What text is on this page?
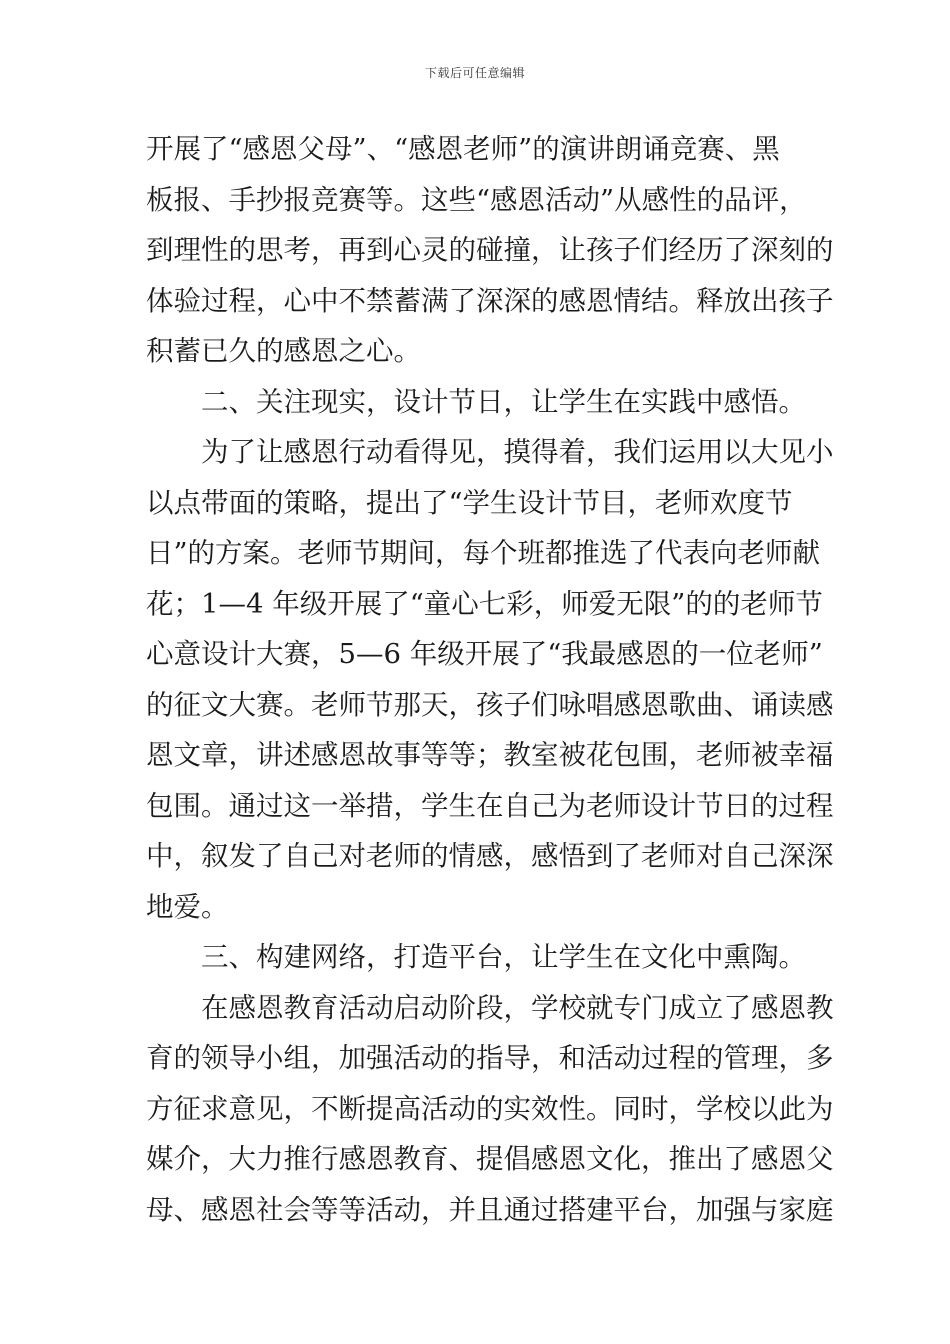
下载后可任意编辑
开展了“感恩父母”、“感恩老师”的演讲朗诵竞赛、黑
板报、手抄报竞赛等。这些“感恩活动”从感性的品评，
到理性的思考，再到心灵的碰撞，让孩子们经历了深刻的
体验过程，心中不禁蓄满了深深的感恩情结。释放出孩子
积蓄已久的感恩之心。
二、关注现实，设计节日，让学生在实践中感悟。
为了让感恩行动看得见，摸得着，我们运用以大见小
以点带面的策略，提出了“学生设计节目，老师欢度节
日”的方案。老师节期间，每个班都推选了代表向老师献
花；1—4 年级开展了“童心七彩，师爱无限”的的老师节
心意设计大赛，5—6 年级开展了“我最感恩的一位老师”
的征文大赛。老师节那天，孩子们咏唱感恩歌曲、诵读感
恩文章，讲述感恩故事等等；教室被花包围，老师被幸福
包围。通过这一举措，学生在自己为老师设计节日的过程
中，叙发了自己对老师的情感，感悟到了老师对自己深深
地爱。
三、构建网络，打造平台，让学生在文化中熏陶。
在感恩教育活动启动阶段，学校就专门成立了感恩教
育的领导小组，加强活动的指导，和活动过程的管理，多
方征求意见，不断提高活动的实效性。同时，学校以此为
媒介，大力推行感恩教育、提倡感恩文化，推出了感恩父
母、感恩社会等等活动，并且通过搭建平台，加强与家庭
